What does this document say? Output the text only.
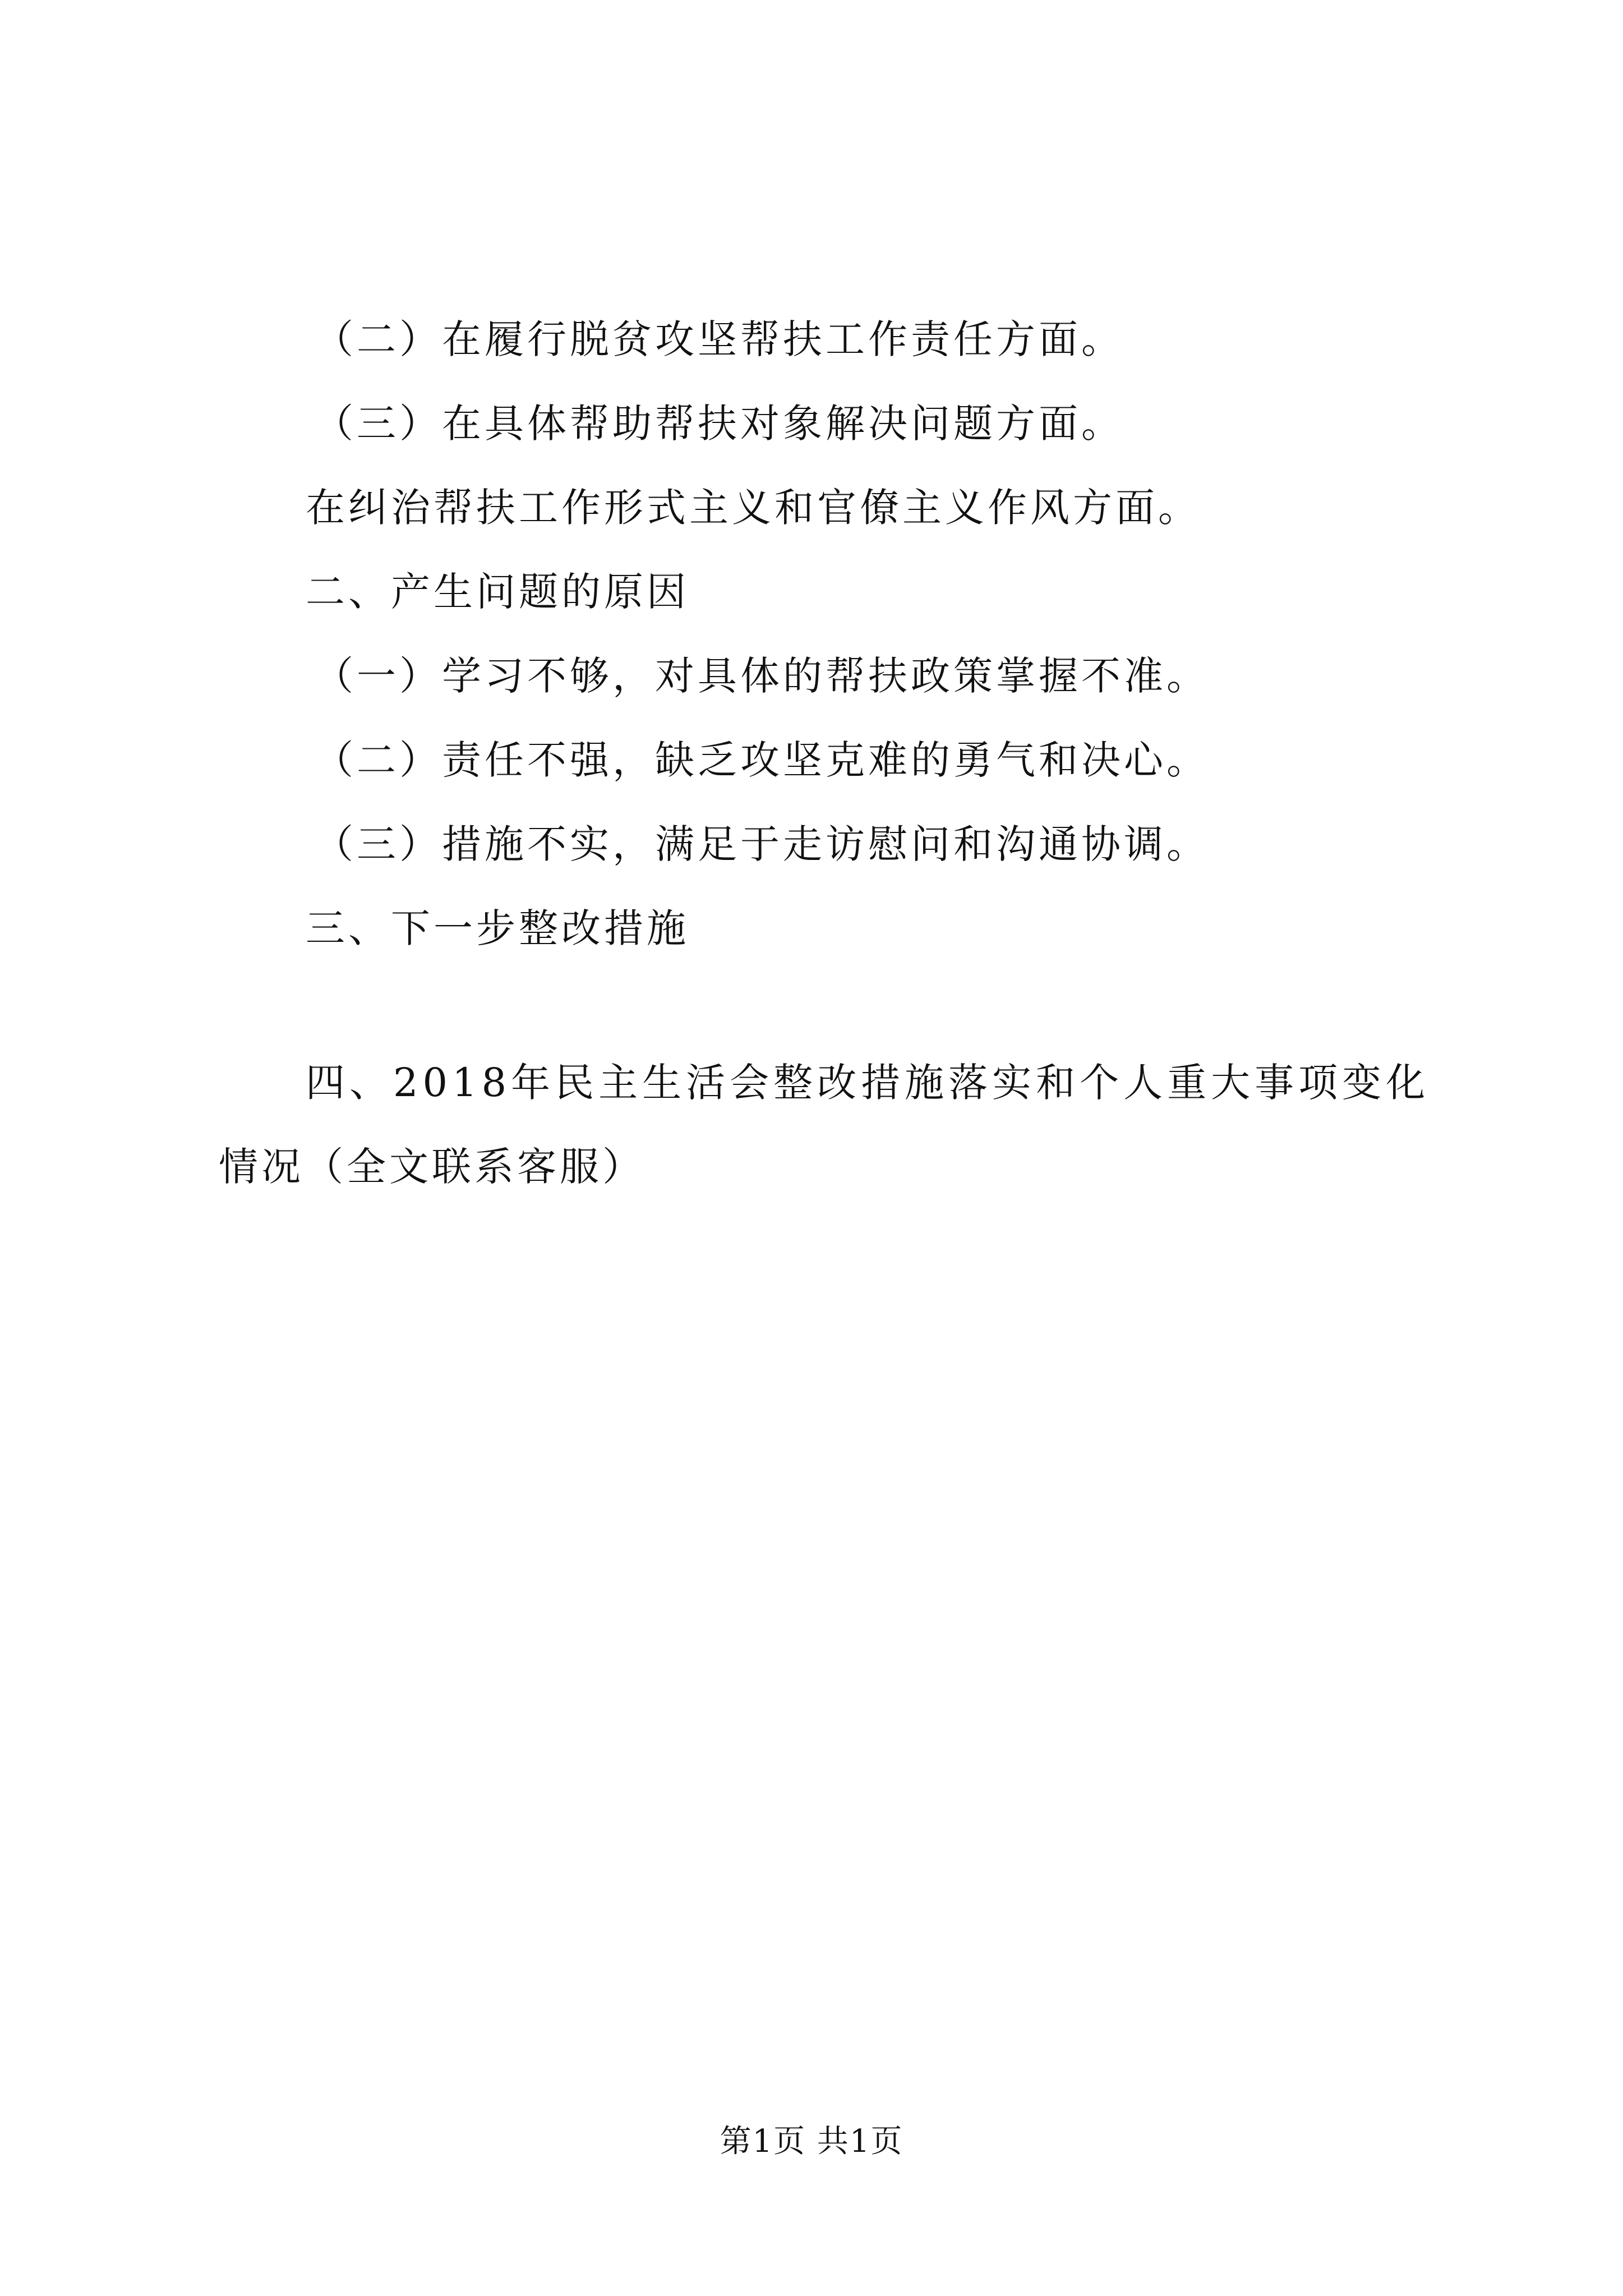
（二）在履行脱贫攻坚帮扶工作责任方面。
（三）在具体帮助帮扶对象解决问题方面。
在纠治帮扶工作形式主义和官僚主义作风方面。
二、产生问题的原因
（一）学习不够，对具体的帮扶政策掌握不准。
（二）责任不强，缺乏攻坚克难的勇气和决心。
（三）措施不实，满足于走访慰问和沟通协调。
三、下一步整改措施
四、2018年民主生活会整改措施落实和个人重大事项变化
情况（全文联系客服）
第1页 共1页
